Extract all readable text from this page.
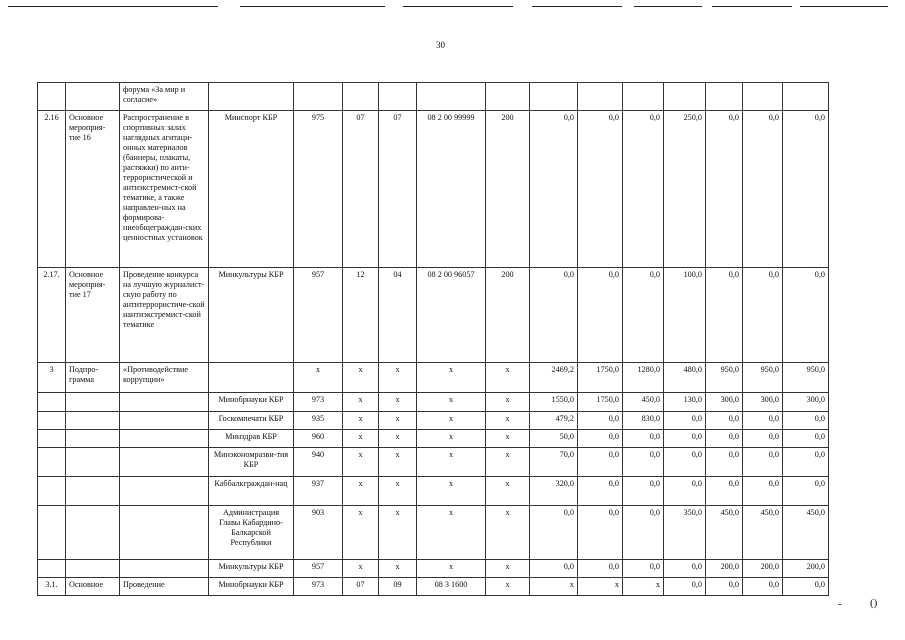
30
		форума «За мир и согласие»													
2.16	Основное мероприя-тие 16	Распространение в спортивных залах наглядных агитаци-онных материалов (баннеры, плакаты, растяжки) по анти-террористической и антиэкстремист-ской тематике, а также направлен-ных на формирова-ниеобщеграждан-ских ценностных установок	Минспорт КБР	975	07	07	08 2 00 99999	200	0,0	0,0	0,0	250,0	0,0	0,0	0,0
2.17.	Основное мероприя-тие 17	Проведение конкурса на лучшую журналист-скую работу по антитеррористиче-ской иантиэкстремист-ской тематике	Минкультуры КБР	957	12	04	08 2 00 96057	200	0,0	0,0	0,0	100,0	0,0	0,0	0,0
3	Подпро-грамма	«Противодействие коррупции»		х	х	х	х	х	2469,2	1750,0	1280,0	480,0	950,0	950,0	950,0
			Минобрнауки КБР	973	х	х	х	х	1550,0	1750,0	450,0	130,0	300,0	300,0	300,0
			Госкомпечати КБР	935	х	х	х	х	479,2	0,0	830,0	0,0	0,0	0,0	0,0
			Минздрав КБР	960	х	х	х	х	50,0	0,0	0,0	0,0	0,0	0,0	0,0
			Минэкономразви-тия КБР	940	х	х	х	х	70,0	0,0	0,0	0,0	0,0	0,0	0,0
			Каббалкграждан-нац	937	х	х	х	х	320,0	0,0	0,0	0,0	0,0	0,0	0,0
			Администрация Главы Кабардино-Балкарской Республики	903	х	х	х	х	0,0	0,0	0,0	350,0	450,0	450,0	450,0
			Минкультуры КБР	957	х	х	х	х	0,0	0,0	0,0	0,0	200,0	200,0	200,0
3.1.	Основное	Проведение	Минобрнауки КБР	973	07	09	08 3 1600	х	х	х	х	0,0	0,0	0,0	0,0
-	()
